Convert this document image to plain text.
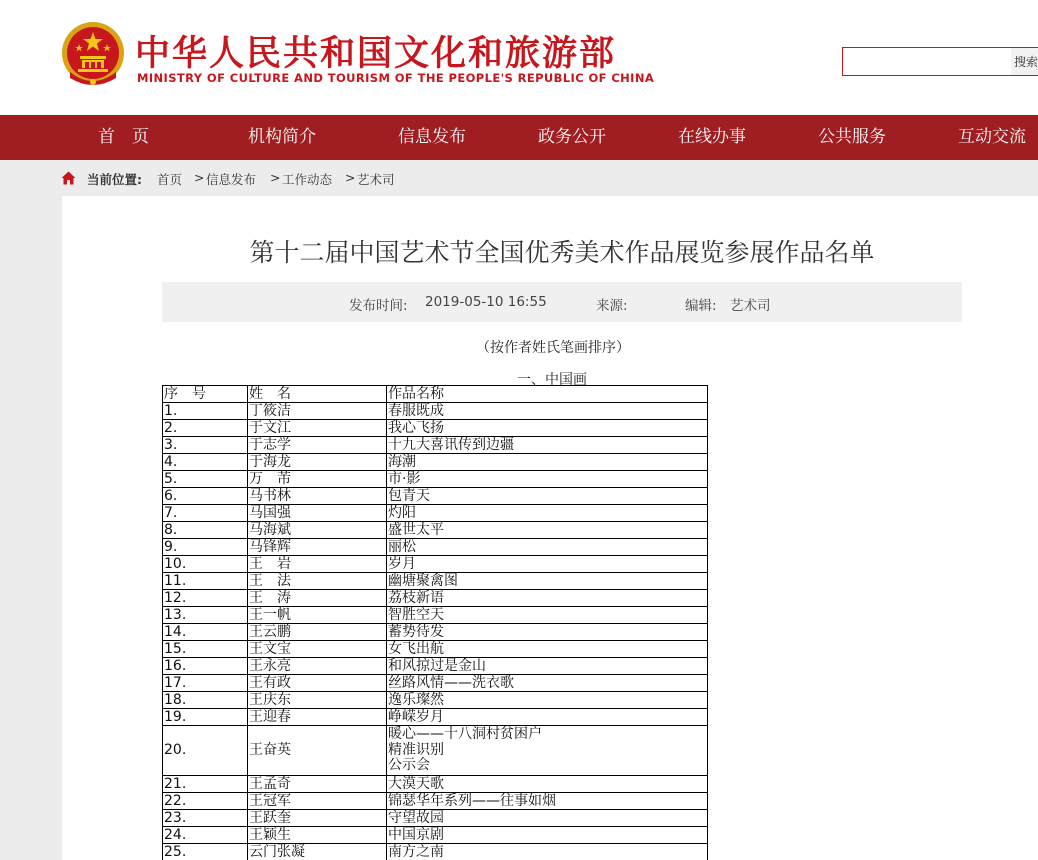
中华人民共和国文化和旅游部
MINISTRY OF CULTURE AND TOURISM OF THE PEOPLE'S REPUBLIC OF CHINA
搜索
首　页	机构简介	信息发布	政务公开	在线办事	公共服务	互动交流
当前位置: 首页 > 信息发布 > 工作动态 > 艺术司
第十二届中国艺术节全国优秀美术作品展览参展作品名单
发布时间: 2019-05-10 16:55	来源:	编辑: 艺术司
（按作者姓氏笔画排序）
一、中国画
序　号	姓　名	作品名称
1.	丁筱洁	春服既成
2.	于文江	我心飞扬
3.	于志学	十九大喜讯传到边疆
4.	于海龙	海潮
5.	万　芾	市·影
6.	马书林	包青天
7.	马国强	灼阳
8.	马海斌	盛世太平
9.	马锋辉	丽松
10.	王　岩	岁月
11.	王　法	幽塘聚禽图
12.	王　涛	荔枝新语
13.	王一帆	智胜空天
14.	王云鹏	蓄势待发
15.	王文宝	女飞出航
16.	王永亮	和风掠过是金山
17.	王有政	丝路风情——洗衣歌
18.	王庆东	逸乐璨然
19.	王迎春	峥嵘岁月
20.	王奋英	暖心——十八洞村贫困户
精准识别
公示会
21.	王孟奇	大漠天歌
22.	王冠军	锦瑟华年系列——往事如烟
23.	王跃奎	守望故园
24.	王颖生	中国京剧
25.	云门张凝	南方之南
